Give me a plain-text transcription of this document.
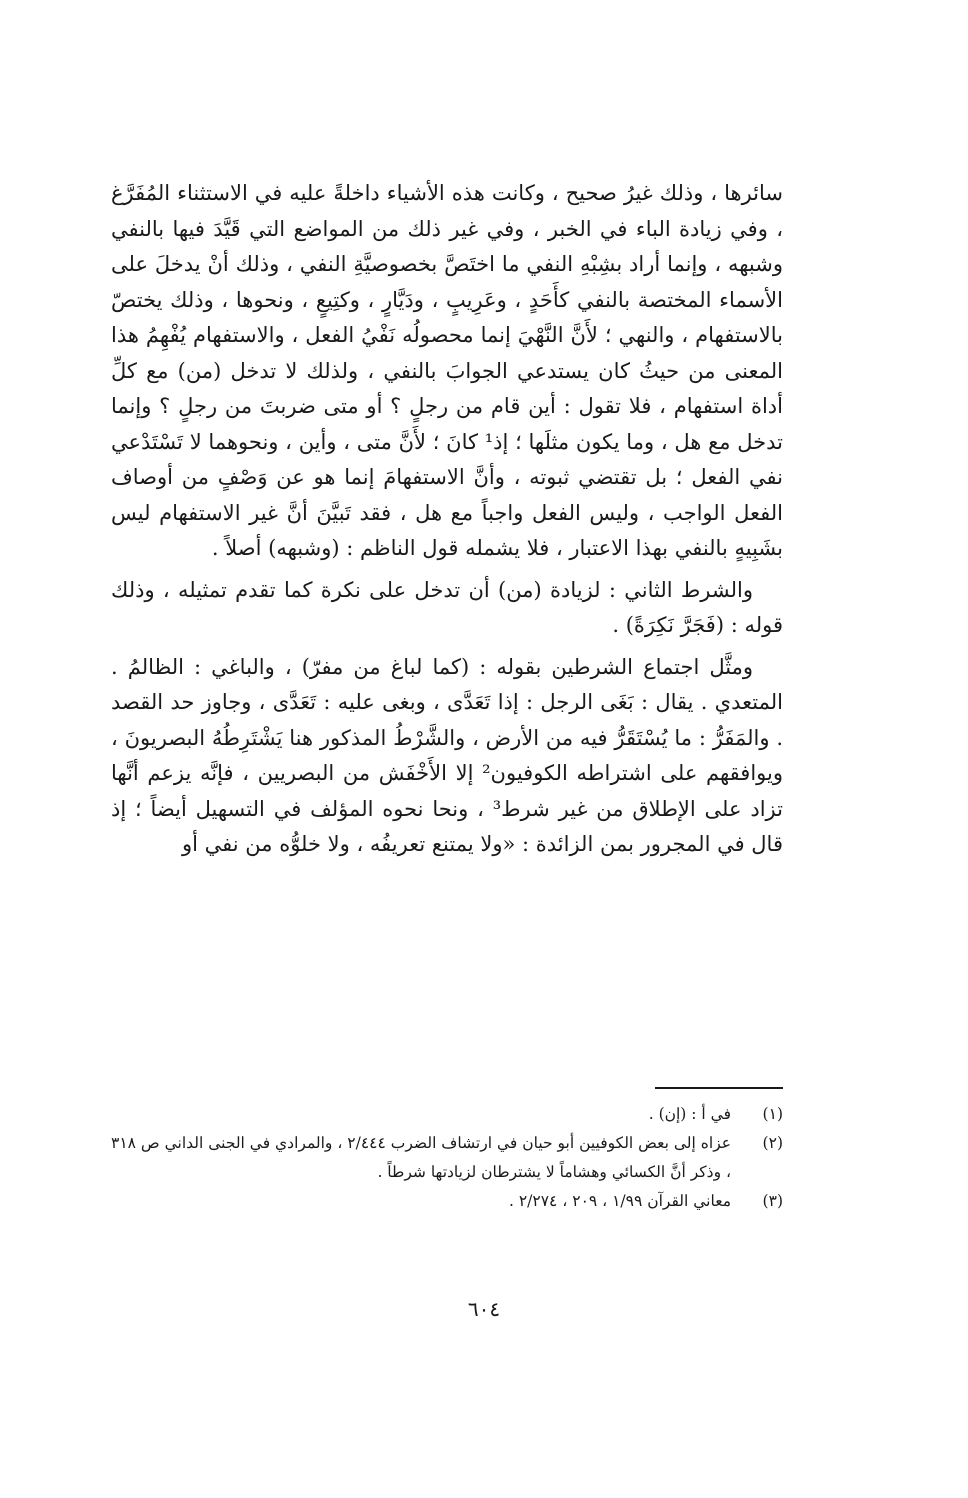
سائرها ، وذلك غيرُ صحيح ، وكانت هذه الأشياء داخلةً عليه في الاستثناء المُفَرَّغ ، وفي زيادة الباء في الخبر ، وفي غير ذلك من المواضع التي قَيَّدَ فيها بالنفي وشبهه ، وإنما أراد بشِبْهِ النفي ما اختَصَّ بخصوصيَّةِ النفي ، وذلك أنْ يدخلَ على الأسماء المختصة بالنفي كأَحَدٍ ، وعَرِيبٍ ، ودَيَّارٍ ، وكتِيعٍ ، ونحوها ، وذلك يختصّ بالاستفهام ، والنهي ؛ لأَنَّ النَّهْيَ إنما محصولُه نَفْيُ الفعل ، والاستفهام يُفْهِمُ هذا المعنى من حيثُ كان يستدعي الجوابَ بالنفي ، ولذلك لا تدخل (من) مع كلِّ أداة استفهام ، فلا تقول : أين قام من رجلٍ ؟ أو متى ضربتَ من رجلٍ ؟ وإنما تدخل مع هل ، وما يكون مثلَها ؛ إذ¹ كانَ ؛ لأَنَّ متى ، وأين ، ونحوهما لا تَسْتَدْعي نفي الفعل ؛ بل تقتضي ثبوته ، وأنَّ الاستفهامَ إنما هو عن وَصْفٍ من أوصاف الفعل الواجب ، وليس الفعل واجباً مع هل ، فقد تَبيَّنَ أنَّ غير الاستفهام ليس بشَبِيهٍ بالنفي بهذا الاعتبار ، فلا يشمله قول الناظم : (وشبهه) أصلاً .

والشرط الثاني : لزيادة (من) أن تدخل على نكرة كما تقدم تمثيله ، وذلك قوله : (فَجَرَّ نَكِرَةً) .

ومثَّل اجتماع الشرطين بقوله : (كما لباغ من مفرّ) ، والباغي : الظالمُ . المتعدي . يقال : بَغَى الرجل : إذا تَعَدَّى ، وبغى عليه : تَعَدَّى ، وجاوز حد القصد . والمَفَرُّ : ما يُسْتَقَرُّ فيه من الأرض ، والشَّرْطُ المذكور هنا يَشْتَرِطُهُ البصريونَ ، ويوافقهم على اشتراطه الكوفيون² إلا الأَخْفَش من البصريين ، فإنَّه يزعم أنَّها تزاد على الإطلاق من غير شرط³ ، ونحا نحوه المؤلف في التسهيل أيضاً ؛ إذ قال في المجرور بمن الزائدة : «ولا يمتنع تعريفُه ، ولا خلوُّه من نفي أو

(١)
في أ : (إن) .
(٢)
عزاه إلى بعض الكوفيين أبو حيان في ارتشاف الضرب ٢/٤٤٤ ، والمرادي في الجنى الداني ص ٣١٨ ، وذكر أنَّ الكسائي وهشاماً لا يشترطان لزيادتها شرطاً .
(٣)
معاني القرآن ١/٩٩ ، ٢٠٩ ، ٢/٢٧٤ .
٦٠٤
